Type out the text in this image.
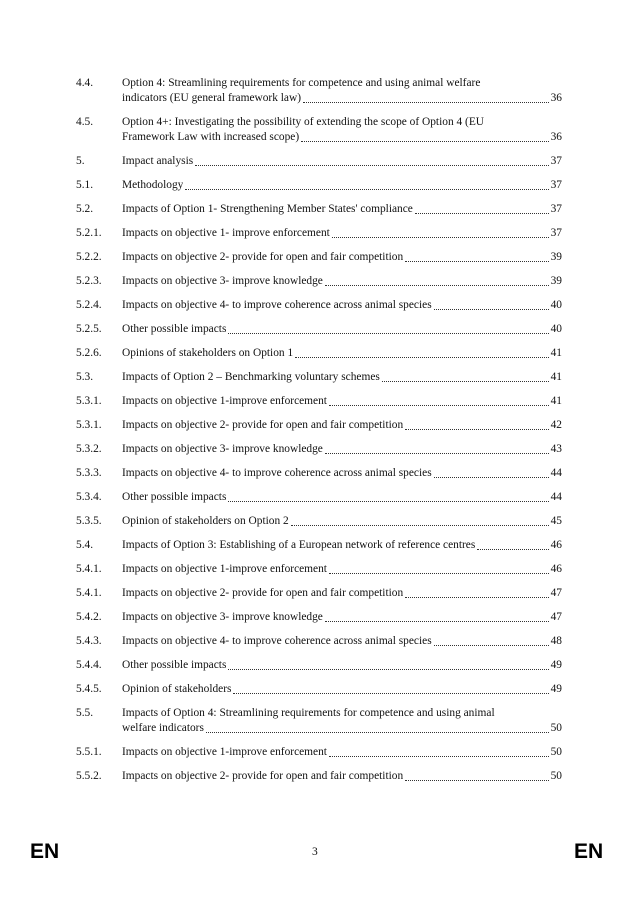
4.4.	Option 4: Streamlining requirements for competence and using animal welfare
indicators (EU general framework law)	36
4.5.	Option 4+: Investigating the possibility of extending the scope of Option 4 (EU
Framework Law with increased scope)	36
5.	Impact analysis	37
5.1.	Methodology	37
5.2.	Impacts of Option 1- Strengthening Member States' compliance	37
5.2.1.	Impacts on objective 1- improve enforcement	37
5.2.2.	Impacts on objective 2- provide for open and fair competition	39
5.2.3.	Impacts on objective 3- improve knowledge	39
5.2.4.	Impacts on objective 4- to improve coherence across animal species	40
5.2.5.	Other possible impacts	40
5.2.6.	Opinions of stakeholders on Option 1	41
5.3.	Impacts of Option 2 – Benchmarking voluntary schemes	41
5.3.1.	Impacts on objective 1-improve enforcement	41
5.3.1.	Impacts on objective 2- provide for open and fair competition	42
5.3.2.	Impacts on objective 3- improve knowledge	43
5.3.3.	Impacts on objective 4- to improve coherence across animal species	44
5.3.4.	Other possible impacts	44
5.3.5.	Opinion of stakeholders on Option 2	45
5.4.	Impacts of Option 3: Establishing of a European network of reference centres	46
5.4.1.	Impacts on objective 1-improve enforcement	46
5.4.1.	Impacts on objective 2- provide for open and fair competition	47
5.4.2.	Impacts on objective 3- improve knowledge	47
5.4.3.	Impacts on objective 4- to improve coherence across animal species	48
5.4.4.	Other possible impacts	49
5.4.5.	Opinion of stakeholders	49
5.5.	Impacts of Option 4: Streamlining requirements for competence and using animal
welfare indicators	50
5.5.1.	Impacts on objective 1-improve enforcement	50
5.5.2.	Impacts on objective 2- provide for open and fair competition	50
EN	3	EN
